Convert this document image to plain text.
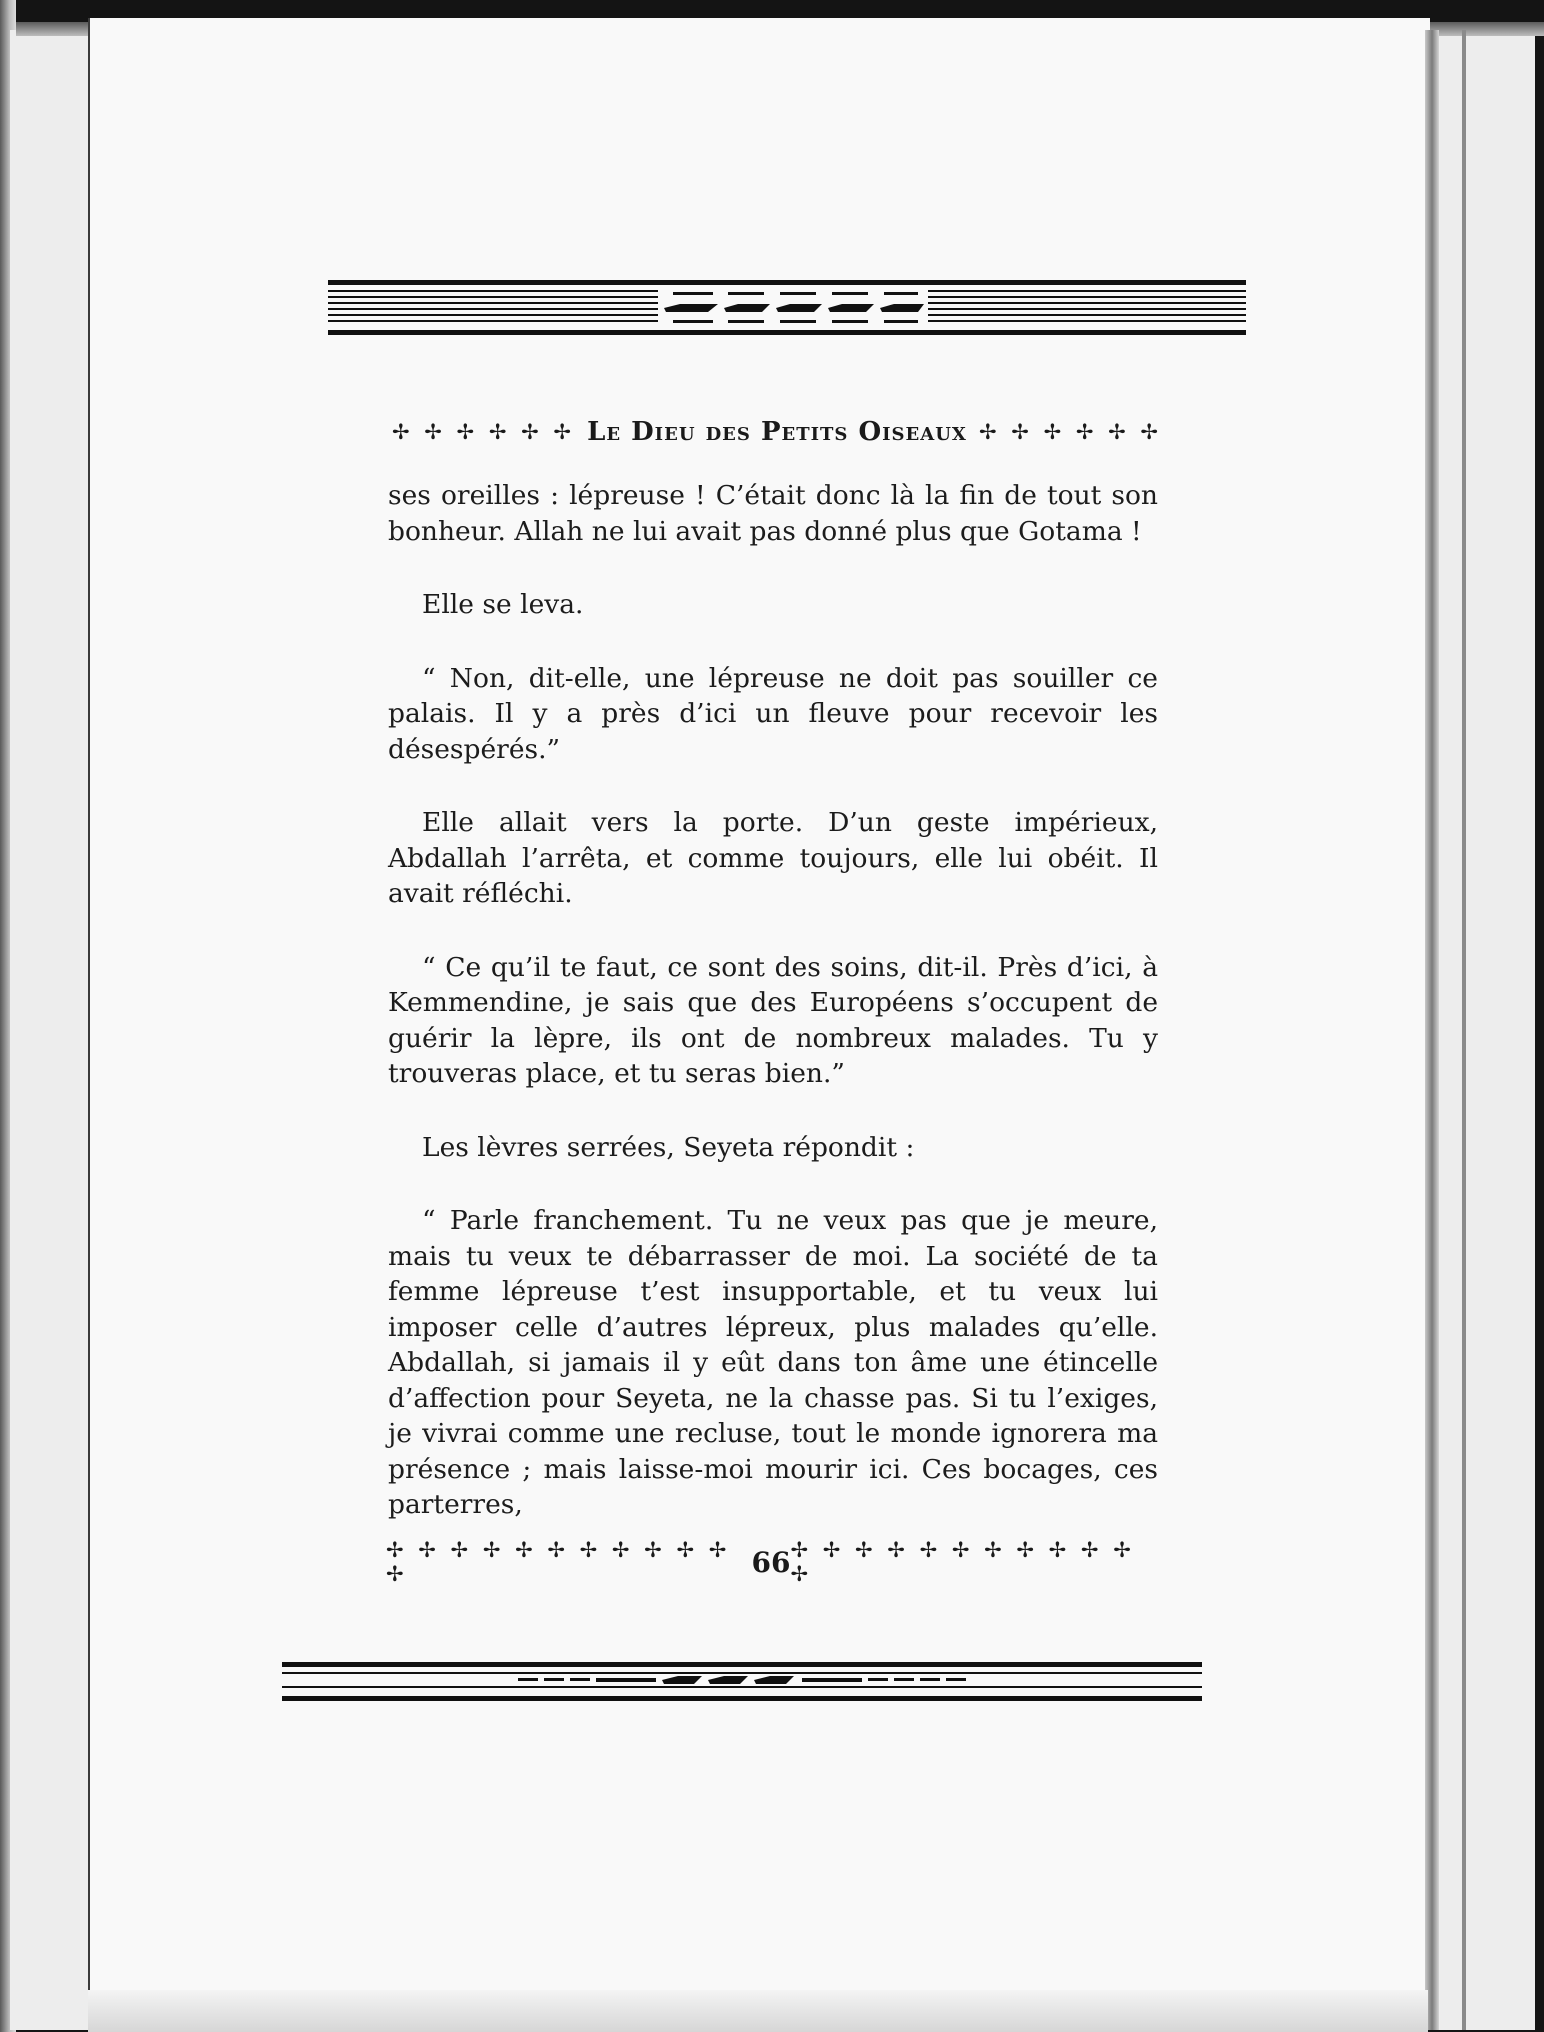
✢ ✢ ✢ ✢ ✢ ✢ Le Dieu des Petits Oiseaux ✢ ✢ ✢ ✢ ✢ ✢

ses oreilles : lépreuse ! C’était donc là la fin de tout son bonheur. Allah ne lui avait pas donné plus que Gotama !

Elle se leva.

“ Non, dit-elle, une lépreuse ne doit pas souiller ce palais. Il y a près d’ici un fleuve pour recevoir les désespérés.”

Elle allait vers la porte. D’un geste impérieux, Abdallah l’arrêta, et comme toujours, elle lui obéit. Il avait réfléchi.

“ Ce qu’il te faut, ce sont des soins, dit-il. Près d’ici, à Kemmendine, je sais que des Européens s’occupent de guérir la lèpre, ils ont de nombreux malades. Tu y trouveras place, et tu seras bien.”

Les lèvres serrées, Seyeta répondit :

“ Parle franchement. Tu ne veux pas que je meure, mais tu veux te débarrasser de moi. La société de ta femme lépreuse t’est insupportable, et tu veux lui imposer celle d’autres lépreux, plus malades qu’elle. Abdallah, si jamais il y eût dans ton âme une étincelle d’affection pour Seyeta, ne la chasse pas. Si tu l’exiges, je vivrai comme une recluse, tout le monde ignorera ma présence ; mais laisse-moi mourir ici. Ces bocages, ces parterres,

✢ ✢ ✢ ✢ ✢ ✢ ✢ ✢ ✢ ✢ ✢ ✢	66 ✢ ✢ ✢ ✢ ✢ ✢ ✢ ✢ ✢ ✢ ✢ ✢
